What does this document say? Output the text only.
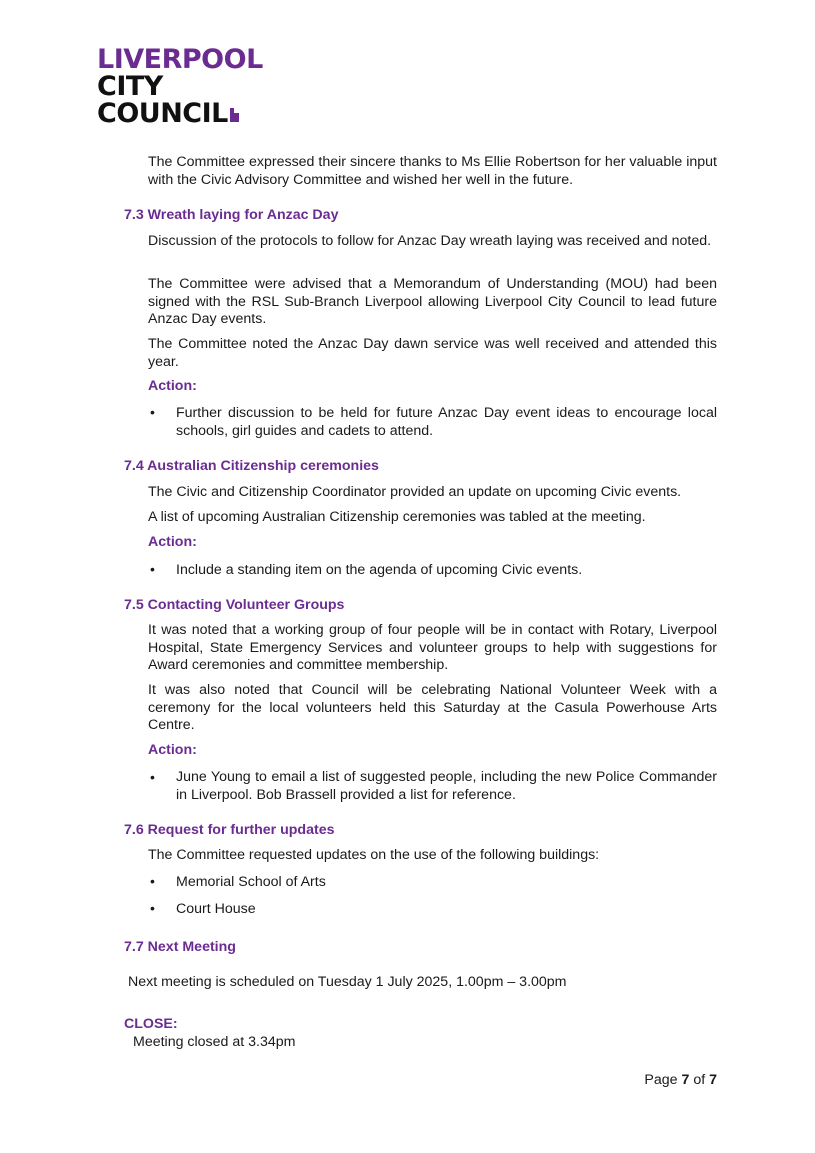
LIVERPOOL
CITY
COUNCIL

The Committee expressed their sincere thanks to Ms Ellie Robertson for her valuable input with the Civic Advisory Committee and wished her well in the future.

7.3 Wreath laying for Anzac Day

Discussion of the protocols to follow for Anzac Day wreath laying was received and noted.

The Committee were advised that a Memorandum of Understanding (MOU) had been signed with the RSL Sub-Branch Liverpool allowing Liverpool City Council to lead future Anzac Day events.

The Committee noted the Anzac Day dawn service was well received and attended this year.

Action:

• Further discussion to be held for future Anzac Day event ideas to encourage local schools, girl guides and cadets to attend.

7.4 Australian Citizenship ceremonies

The Civic and Citizenship Coordinator provided an update on upcoming Civic events.

A list of upcoming Australian Citizenship ceremonies was tabled at the meeting.

Action:

• Include a standing item on the agenda of upcoming Civic events.

7.5 Contacting Volunteer Groups

It was noted that a working group of four people will be in contact with Rotary, Liverpool Hospital, State Emergency Services and volunteer groups to help with suggestions for Award ceremonies and committee membership.

It was also noted that Council will be celebrating National Volunteer Week with a ceremony for the local volunteers held this Saturday at the Casula Powerhouse Arts Centre.

Action:

• June Young to email a list of suggested people, including the new Police Commander in Liverpool. Bob Brassell provided a list for reference.

7.6 Request for further updates

The Committee requested updates on the use of the following buildings:

• Memorial School of Arts

• Court House

7.7 Next Meeting

Next meeting is scheduled on Tuesday 1 July 2025, 1.00pm – 3.00pm

CLOSE:

Meeting closed at 3.34pm

Page 7 of 7
